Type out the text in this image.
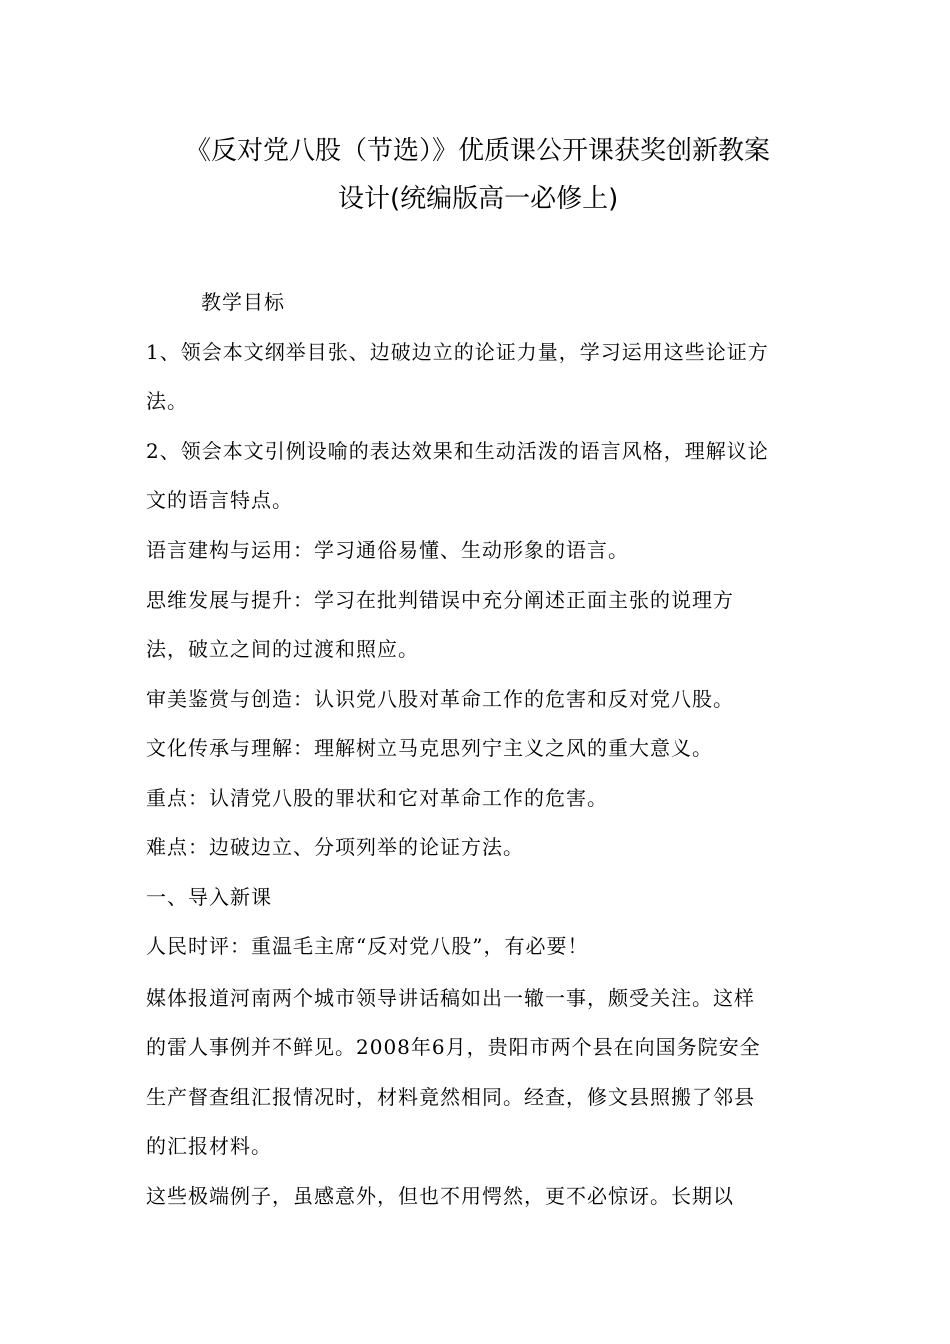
《反对党八股（节选）》优质课公开课获奖创新教案
设计(统编版高一必修上)
教学目标
1、领会本文纲举目张、边破边立的论证力量，学习运用这些论证方
法。
2、领会本文引例设喻的表达效果和生动活泼的语言风格，理解议论
文的语言特点。
语言建构与运用：学习通俗易懂、生动形象的语言。
思维发展与提升：学习在批判错误中充分阐述正面主张的说理方
法，破立之间的过渡和照应。
审美鉴赏与创造：认识党八股对革命工作的危害和反对党八股。
文化传承与理解：理解树立马克思列宁主义之风的重大意义。
重点：认清党八股的罪状和它对革命工作的危害。
难点：边破边立、分项列举的论证方法。
一、导入新课
人民时评：重温毛主席“反对党八股”，有必要！
媒体报道河南两个城市领导讲话稿如出一辙一事，颇受关注。这样
的雷人事例并不鲜见。2008年6月，贵阳市两个县在向国务院安全
生产督查组汇报情况时，材料竟然相同。经查，修文县照搬了邻县
的汇报材料。
这些极端例子，虽感意外，但也不用愕然，更不必惊讶。长期以
